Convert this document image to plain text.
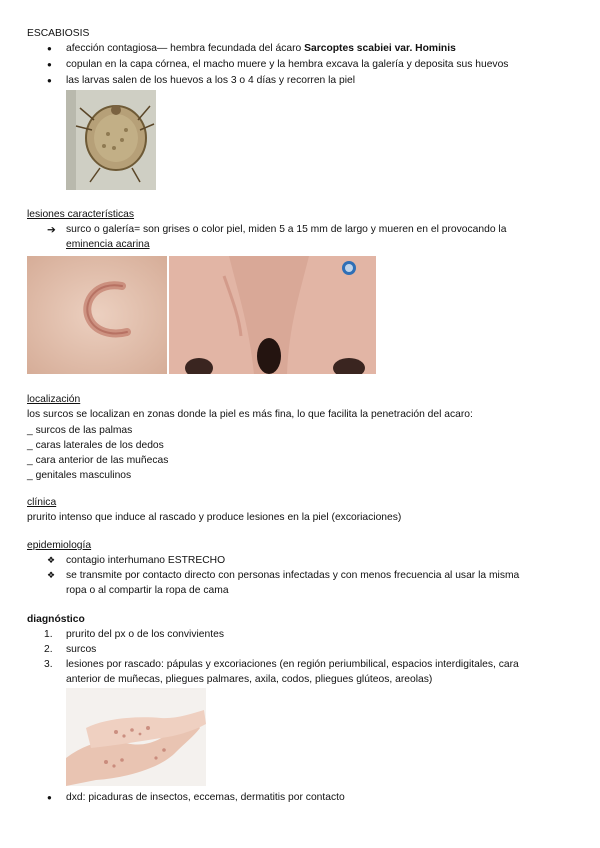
ESCABIOSIS
● afección contagiosa— hembra fecundada del ácaro Sarcoptes scabiei var. Hominis
● copulan en la capa córnea, el macho muere y la hembra excava la galería y deposita sus huevos
● las larvas salen de los huevos a los 3 o 4 días y recorren la piel
lesiones características
➔ surco o galería= son grises o color piel, miden 5 a 15 mm de largo y mueren en el provocando la
eminencia acarina
localización
los surcos se localizan en zonas donde la piel es más fina, lo que facilita la penetración del acaro:
_ surcos de las palmas
_ caras laterales de los dedos
_ cara anterior de las muñecas
_ genitales masculinos
clínica
prurito intenso que induce al rascado y produce lesiones en la piel (excoriaciones)
epidemiología
❖ contagio interhumano ESTRECHO
❖ se transmite por contacto directo con personas infectadas y con menos frecuencia al usar la misma
ropa o al compartir la ropa de cama
diagnóstico
1. prurito del px o de los convivientes
2. surcos
3. lesiones por rascado: pápulas y excoriaciones (en región periumbilical, espacios interdigitales, cara
anterior de muñecas, pliegues palmares, axila, codos, pliegues glúteos, areolas)
● dxd: picaduras de insectos, eccemas, dermatitis por contacto
